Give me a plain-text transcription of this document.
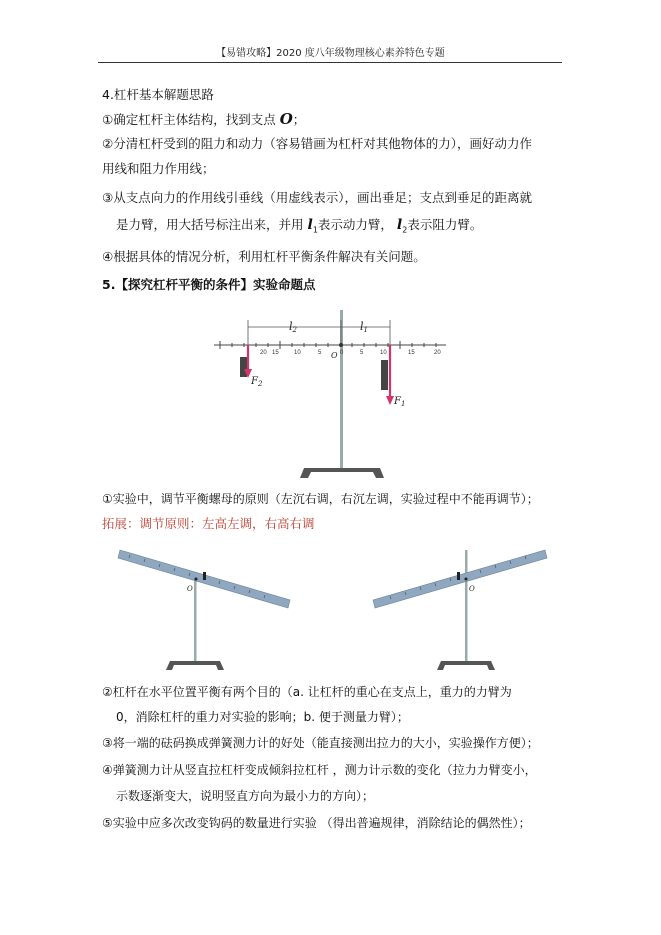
【易错攻略】2020 度八年级物理核心素养特色专题
4.杠杆基本解题思路
①确定杠杆主体结构，找到支点 O；
②分清杠杆受到的阻力和动力（容易错画为杠杆对其他物体的力），画好动力作
用线和阻力作用线；
③从支点向力的作用线引垂线（用虚线表示），画出垂足；支点到垂足的距离就
是力臂，用大括号标注出来，并用 $l_1$表示动力臂， $l_2$表示阻力臂。
④根据具体的情况分析，利用杠杆平衡条件解决有关问题。
5.【探究杠杆平衡的条件】实验命题点
20 15	10	5	0	5	10	15	20
l2	l1
O
$F_2$
$F_1$
①实验中，调节平衡螺母的原则（左沉右调，右沉左调，实验过程中不能再调节）；
拓展：调节原则：左高左调，右高右调
O	O
②杠杆在水平位置平衡有两个目的（a. 让杠杆的重心在支点上，重力的力臂为
0，消除杠杆的重力对实验的影响；b. 便于测量力臂）；
③将一端的砝码换成弹簧测力计的好处（能直接测出拉力的大小，实验操作方便）；
④弹簧测力计从竖直拉杠杆变成倾斜拉杠杆 ，测力计示数的变化（拉力力臂变小，
示数逐渐变大，说明竖直方向为最小力的方向）；
⑤实验中应多次改变钩码的数量进行实验 （得出普遍规律，消除结论的偶然性）；
